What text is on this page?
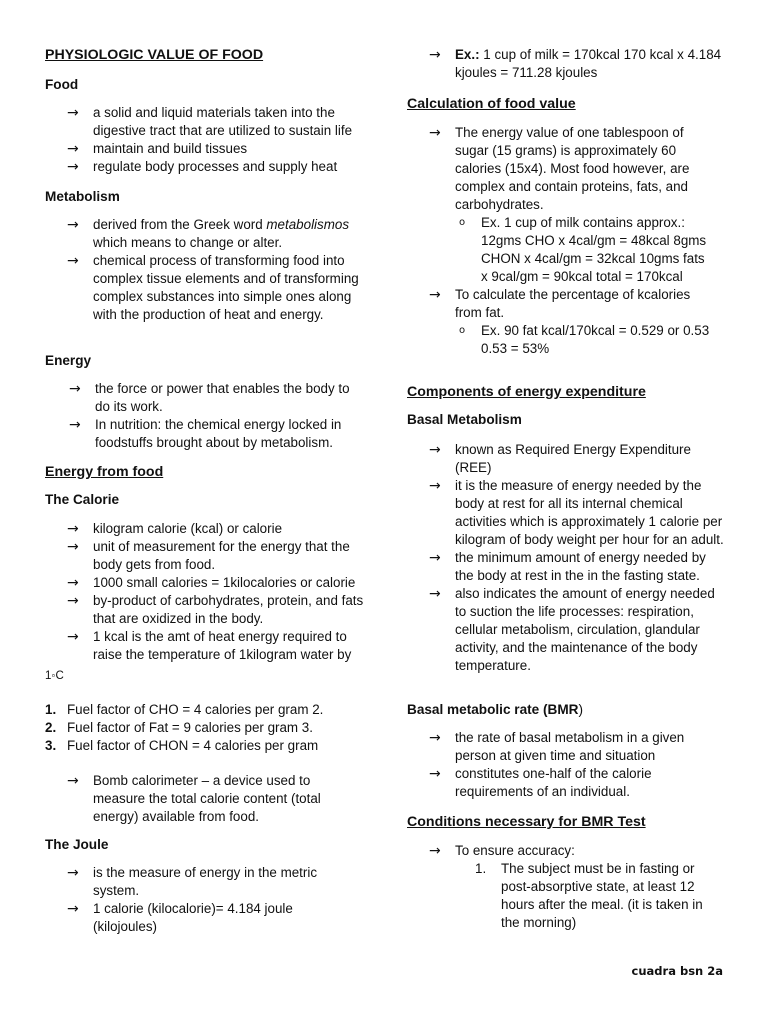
PHYSIOLOGIC VALUE OF FOOD
Food
→ a solid and liquid materials taken into the digestive tract that are utilized to sustain life
→ maintain and build tissues
→ regulate body processes and supply heat
Metabolism
→ derived from the Greek word metabolismos which means to change or alter.
→ chemical process of transforming food into complex tissue elements and of transforming complex substances into simple ones along with the production of heat and energy.
Energy
→ the force or power that enables the body to do its work.
→ In nutrition: the chemical energy locked in foodstuffs brought about by metabolism.
Energy from food
The Calorie
→ kilogram calorie (kcal) or calorie
→ unit of measurement for the energy that the body gets from food.
→ 1000 small calories = 1kilocalories or calorie
→ by-product of carbohydrates, protein, and fats that are oxidized in the body.
→ 1 kcal is the amt of heat energy required to raise the temperature of 1kilogram water by
1◦C
1. Fuel factor of CHO = 4 calories per gram 2.
2. Fuel factor of Fat = 9 calories per gram 3.
3. Fuel factor of CHON = 4 calories per gram
→ Bomb calorimeter – a device used to measure the total calorie content (total energy) available from food.
The Joule
→ is the measure of energy in the metric system.
→ 1 calorie (kilocalorie)= 4.184 joule (kilojoules)
→ Ex.: 1 cup of milk = 170kcal 170 kcal x 4.184 kjoules = 711.28 kjoules
Calculation of food value
→ The energy value of one tablespoon of sugar (15 grams) is approximately 60 calories (15x4). Most food however, are complex and contain proteins, fats, and carbohydrates.
o Ex. 1 cup of milk contains approx.: 12gms CHO x 4cal/gm = 48kcal 8gms CHON x 4cal/gm = 32kcal 10gms fats x 9cal/gm = 90kcal total = 170kcal
→ To calculate the percentage of kcalories from fat.
o Ex. 90 fat kcal/170kcal = 0.529 or 0.53 0.53 = 53%
Components of energy expenditure
Basal Metabolism
→ known as Required Energy Expenditure (REE)
→ it is the measure of energy needed by the body at rest for all its internal chemical activities which is approximately 1 calorie per kilogram of body weight per hour for an adult.
→ the minimum amount of energy needed by the body at rest in the in the fasting state.
→ also indicates the amount of energy needed to suction the life processes: respiration, cellular metabolism, circulation, glandular activity, and the maintenance of the body temperature.
Basal metabolic rate (BMR)
→ the rate of basal metabolism in a given person at given time and situation
→ constitutes one-half of the calorie requirements of an individual.
Conditions necessary for BMR Test
→ To ensure accuracy:
1. The subject must be in fasting or post-absorptive state, at least 12 hours after the meal. (it is taken in the morning)
cuadra bsn 2a
